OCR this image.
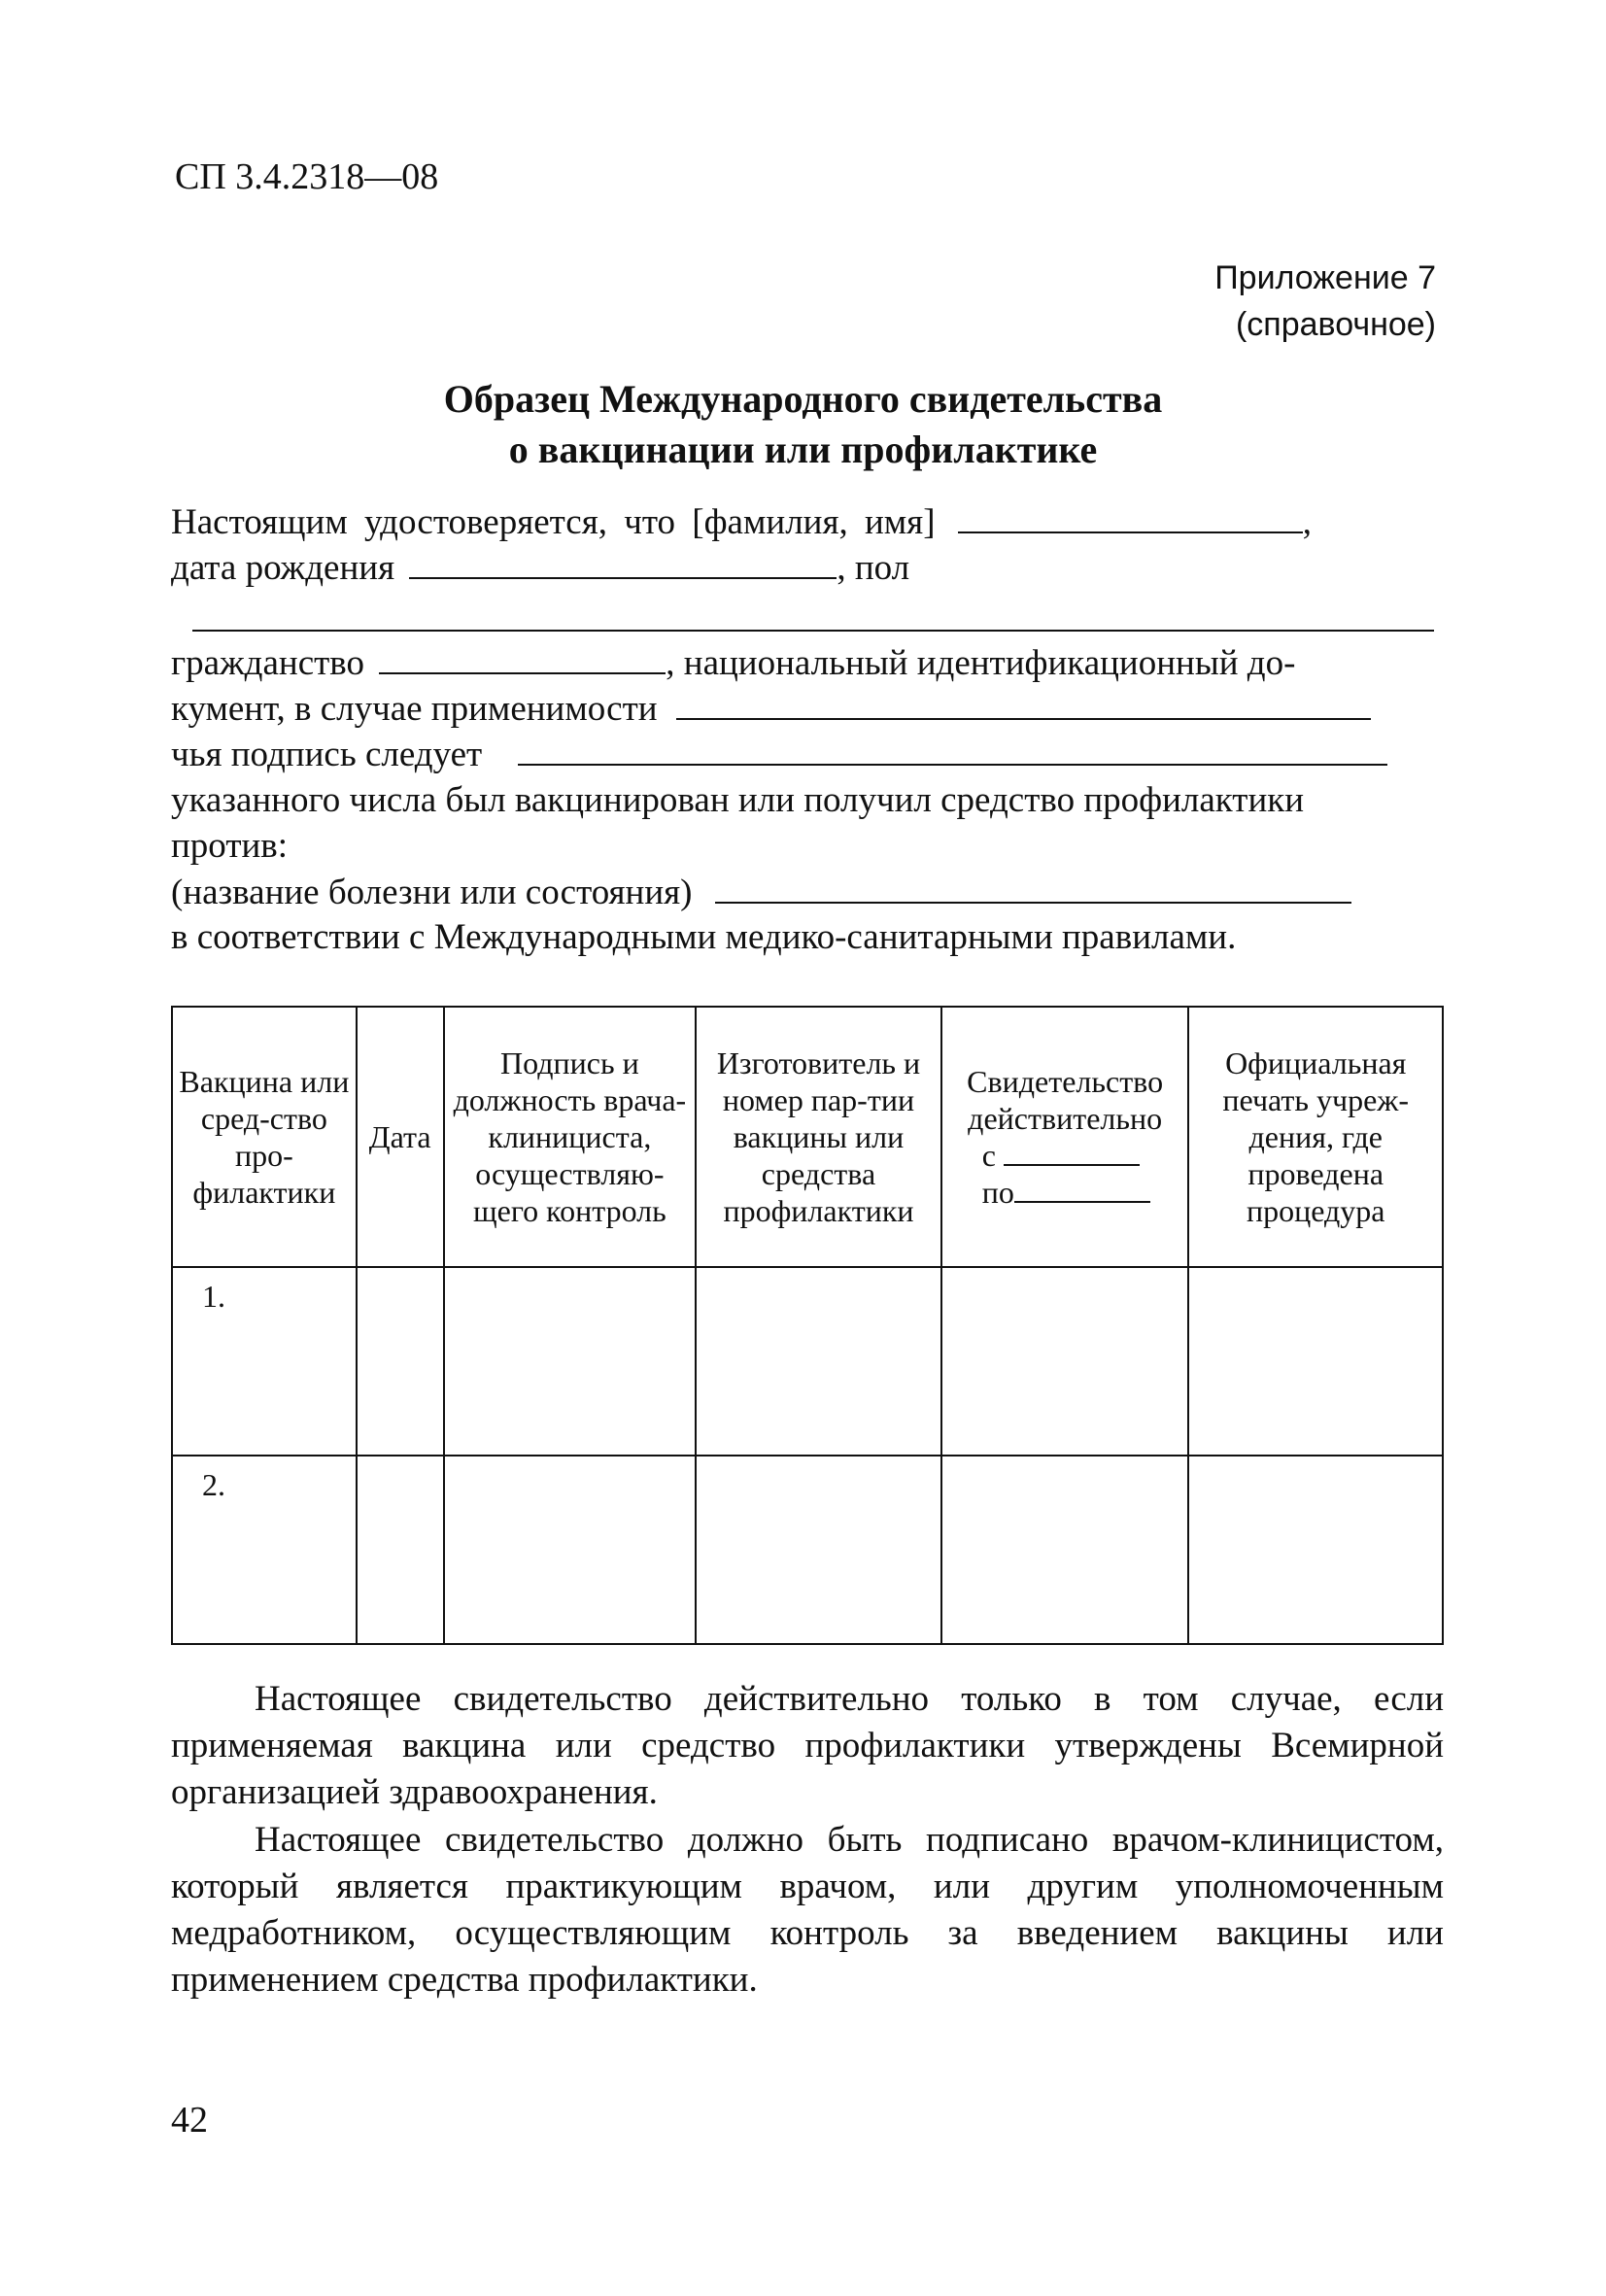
СП 3.4.2318—08
Приложение 7
(справочное)
Образец Международного свидетельства
о вакцинации или профилактике
Настоящим удостоверяется, что [фамилия, имя]	,
дата рождения	, пол
гражданство	, национальный идентификационный до-
кумент, в случае применимости
чья подпись следует
указанного числа был вакцинирован или получил средство профилактики
против:
(название болезни или состояния)
в соответствии с Международными медико-санитарными правилами.
Вакцина или сред-ство про-филактики	Дата	Подпись и должность врача-клинициста, осуществляю-щего контроль	Изготовитель и номер пар-тии вакцины или средства профилактики	Свидетельство действительно
с
по	Официальная печать учреж-дения, где проведена процедура
1.					
2.					
Настоящее свидетельство действительно только в том случае, если применяемая вакцина или средство профилактики утверждены Всемирной организацией здравоохранения.
Настоящее свидетельство должно быть подписано врачом-клиницистом, который является практикующим врачом, или другим уполномоченным медработником, осуществляющим контроль за введением вакцины или применением средства профилактики.
42
